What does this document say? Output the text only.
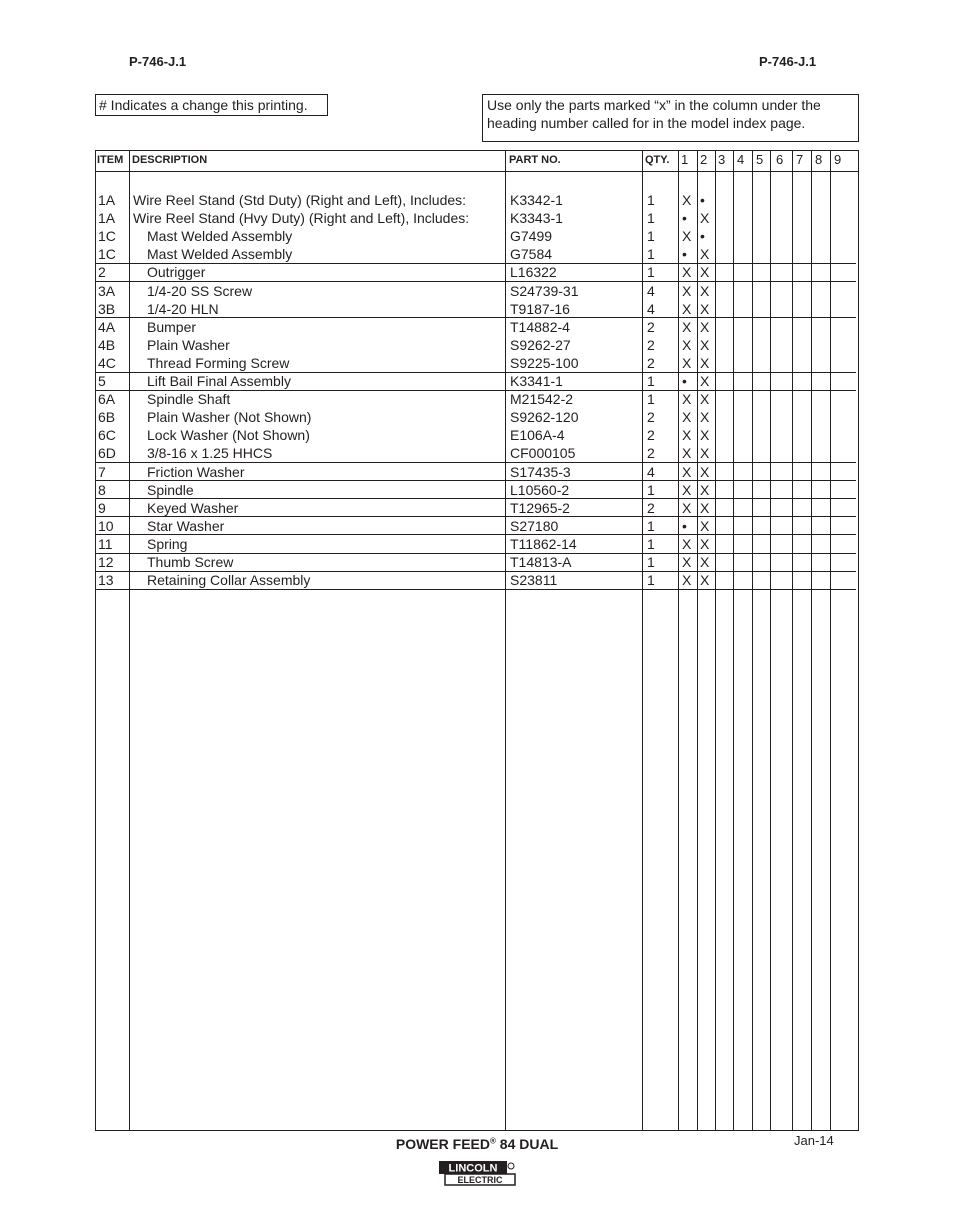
P-746-J.1	P-746-J.1
# Indicates a change this printing.	Use only the parts marked “x” in the column under the heading number called for in the model index page.
ITEM DESCRIPTION	PART NO.	QTY. 1 2 3 4 5 6 7 8 9
1A Wire Reel Stand (Std Duty) (Right and Left), Includes:	K3342-1	1 X •
1A Wire Reel Stand (Hvy Duty) (Right and Left), Includes:	K3343-1	1 • X
1C Mast Welded Assembly	G7499	1 X •
1C Mast Welded Assembly	G7584	1 • X
2	Outrigger	L16322	1 X X
3A 1/4-20 SS Screw	S24739-31	4 X X
3B 1/4-20 HLN	T9187-16	4 X X
4A Bumper	T14882-4	2 X X
4B Plain Washer	S9262-27	2 X X
4C Thread Forming Screw	S9225-100	2 X X
5	Lift Bail Final Assembly	K3341-1	1 • X
6A Spindle Shaft	M21542-2	1 X X
6B Plain Washer (Not Shown)	S9262-120	2 X X
6C Lock Washer (Not Shown)	E106A-4	2 X X
6D 3/8-16 x 1.25 HHCS	CF000105	2 X X
7	Friction Washer	S17435-3	4 X X
8	Spindle	L10560-2	1 X X
9	Keyed Washer	T12965-2	2 X X
10 Star Washer	S27180	1 • X
11 Spring	T11862-14	1 X X
12 Thumb Screw	T14813-A	1 X X
13 Retaining Collar Assembly	S23811	1 X X
POWER FEED® 84 DUAL	Jan-14
LINCOLN
ELECTRIC
